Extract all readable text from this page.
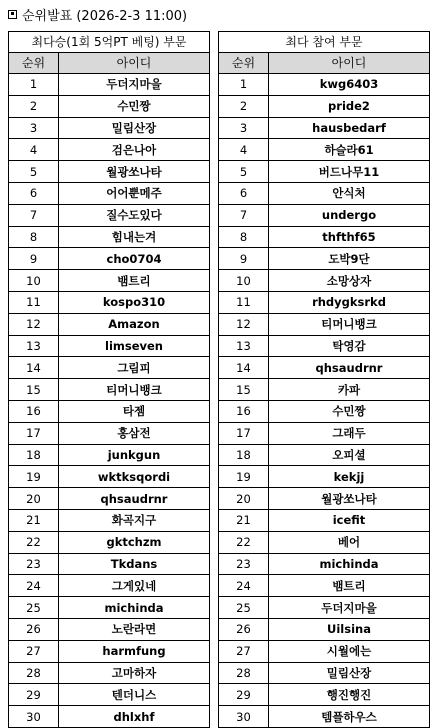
순위발표 (2026-2-3 11:00)
최다승(1회 5억PT 베팅) 부문	
순위	아이디
1	두더지마을
2	수민짱
3	밀림산장
4	검은나아
5	월광쏘나타
6	어어뿐메주
7	질수도있다
8	힘내는겨
9	cho0704
10	뱀트리
11	kospo310
12	Amazon
13	limseven
14	그림피
15	티머니뱅크
16	타젬
17	홍삼전
18	junkgun
19	wktksqordi
20	qhsaudrnr
21	화곡지구
22	gktchzm
23	Tkdans
24	그게있네
25	michinda
26	노란라면
27	harmfung
28	고마하자
29	텐더니스
30	dhlxhf
최다 참여 부문	
순위	아이디
1	kwg6403
2	pride2
3	hausbedarf
4	하슬라61
5	버드나무11
6	안식처
7	undergo
8	thfthf65
9	도박9단
10	소망상자
11	rhdygksrkd
12	티머니뱅크
13	탁영감
14	qhsaudrnr
15	카파
16	수민짱
17	그래두
18	오피셜
19	kekjj
20	월광쏘나타
21	icefit
22	베어
23	michinda
24	뱀트리
25	두더지마을
26	Uilsina
27	시월에는
28	밀림산장
29	행진행진
30	템플하우스
